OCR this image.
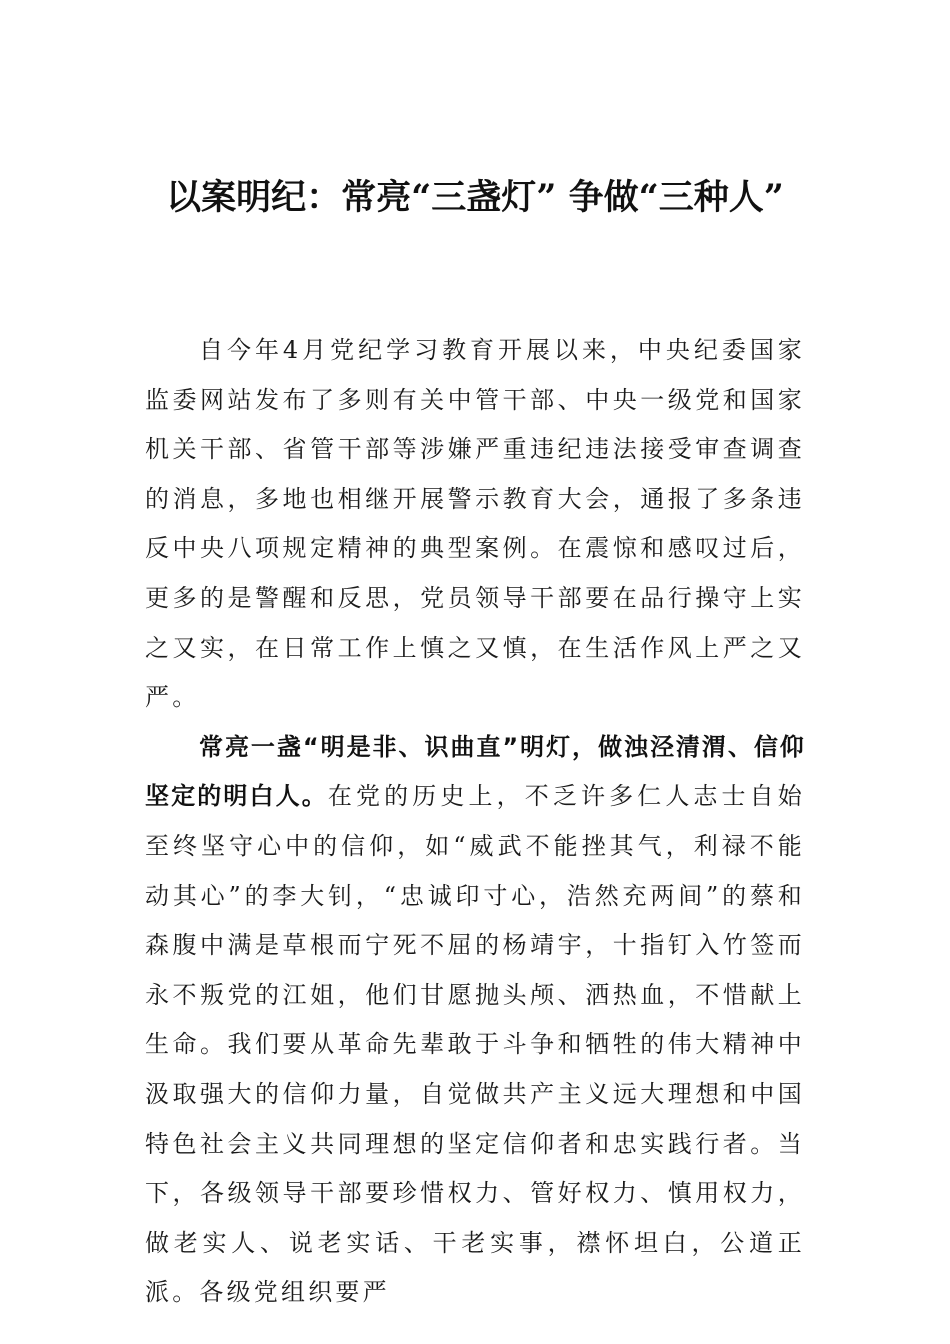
以案明纪：常亮“三盏灯” 争做“三种人”

自今年4月党纪学习教育开展以来，中央纪委国家监委网站发布了多则有关中管干部、中央一级党和国家机关干部、省管干部等涉嫌严重违纪违法接受审查调查的消息，多地也相继开展警示教育大会，通报了多条违反中央八项规定精神的典型案例。在震惊和感叹过后，更多的是警醒和反思，党员领导干部要在品行操守上实之又实，在日常工作上慎之又慎，在生活作风上严之又严。

常亮一盏“明是非、识曲直”明灯，做浊泾清渭、信仰坚定的明白人。在党的历史上，不乏许多仁人志士自始至终坚守心中的信仰，如“威武不能挫其气，利禄不能动其心”的李大钊，“忠诚印寸心，浩然充两间”的蔡和森腹中满是草根而宁死不屈的杨靖宇，十指钉入竹签而永不叛党的江姐，他们甘愿抛头颅、洒热血，不惜献上生命。我们要从革命先辈敢于斗争和牺牲的伟大精神中汲取强大的信仰力量，自觉做共产主义远大理想和中国特色社会主义共同理想的坚定信仰者和忠实践行者。当下，各级领导干部要珍惜权力、管好权力、慎用权力，做老实人、说老实话、干老实事，襟怀坦白，公道正派。各级党组织要严
